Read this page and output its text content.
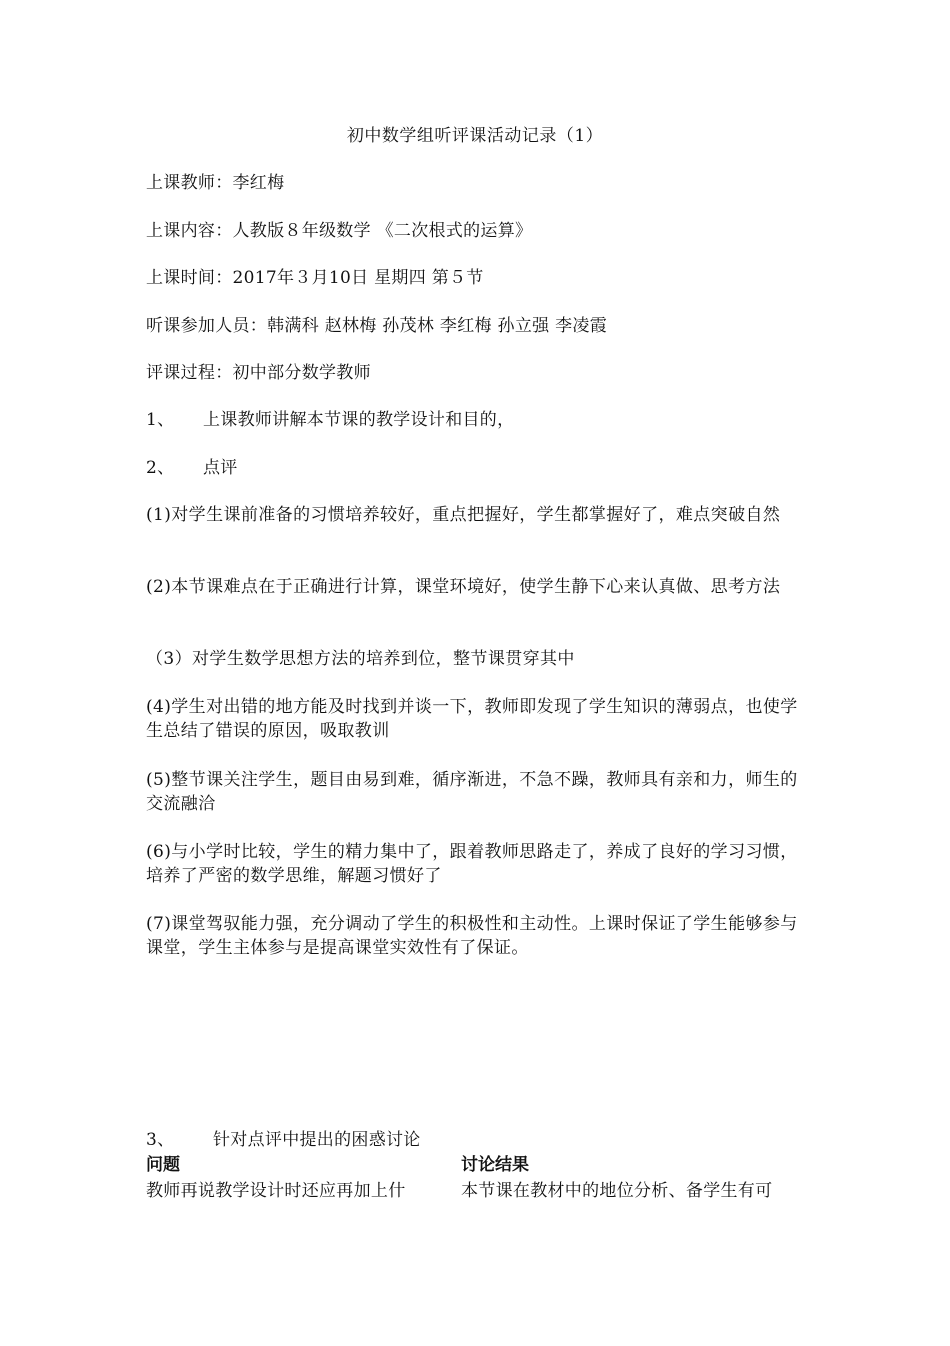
初中数学组听评课活动记录（1）
上课教师：李红梅
上课内容：人教版８年级数学 《二次根式的运算》
上课时间：2017年３月10日 星期四 第５节
听课参加人员：韩满科 赵林梅 孙茂林 李红梅 孙立强 李凌霞
评课过程：初中部分数学教师
1、 上课教师讲解本节课的教学设计和目的，
2、 点评
(1)对学生课前准备的习惯培养较好，重点把握好，学生都掌握好了，难点突破自然
(2)本节课难点在于正确进行计算，课堂环境好，使学生静下心来认真做、思考方法
（3）对学生数学思想方法的培养到位，整节课贯穿其中
(4)学生对出错的地方能及时找到并谈一下，教师即发现了学生知识的薄弱点，也使学生总结了错误的原因，吸取教训
(5)整节课关注学生，题目由易到难，循序渐进，不急不躁，教师具有亲和力，师生的交流融洽
(6)与小学时比较，学生的精力集中了，跟着教师思路走了，养成了良好的学习习惯，培养了严密的数学思维，解题习惯好了
(7)课堂驾驭能力强，充分调动了学生的积极性和主动性。上课时保证了学生能够参与课堂，学生主体参与是提高课堂实效性有了保证。
3、 针对点评中提出的困惑讨论
问题	讨论结果
教师再说教学设计时还应再加上什	本节课在教材中的地位分析、备学生有可
